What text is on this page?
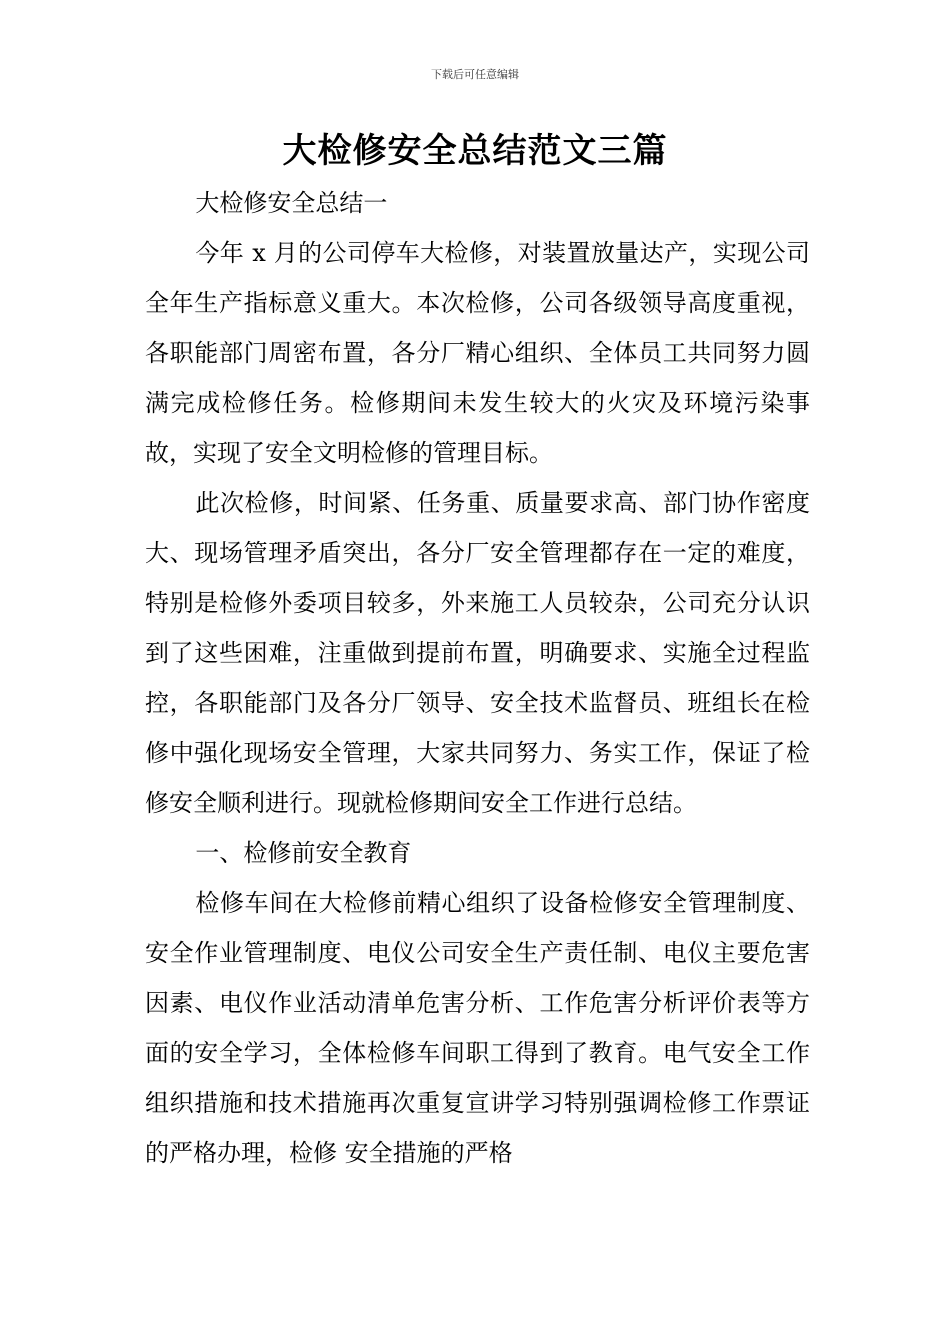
下载后可任意编辑
大检修安全总结范文三篇

大检修安全总结一

今年 x 月的公司停车大检修，对装置放量达产，实现公司全年生产指标意义重大。本次检修，公司各级领导高度重视，各职能部门周密布置，各分厂精心组织、全体员工共同努力圆满完成检修任务。检修期间未发生较大的火灾及环境污染事故，实现了安全文明检修的管理目标。

此次检修，时间紧、任务重、质量要求高、部门协作密度大、现场管理矛盾突出，各分厂安全管理都存在一定的难度，特别是检修外委项目较多，外来施工人员较杂，公司充分认识到了这些困难，注重做到提前布置，明确要求、实施全过程监控，各职能部门及各分厂领导、安全技术监督员、班组长在检修中强化现场安全管理，大家共同努力、务实工作，保证了检修安全顺利进行。现就检修期间安全工作进行总结。

一、检修前安全教育

检修车间在大检修前精心组织了设备检修安全管理制度、安全作业管理制度、电仪公司安全生产责任制、电仪主要危害因素、电仪作业活动清单危害分析、工作危害分析评价表等方面的安全学习，全体检修车间职工得到了教育。电气安全工作组织措施和技术措施再次重复宣讲学习特别强调检修工作票证的严格办理，检修 安全措施的严格
